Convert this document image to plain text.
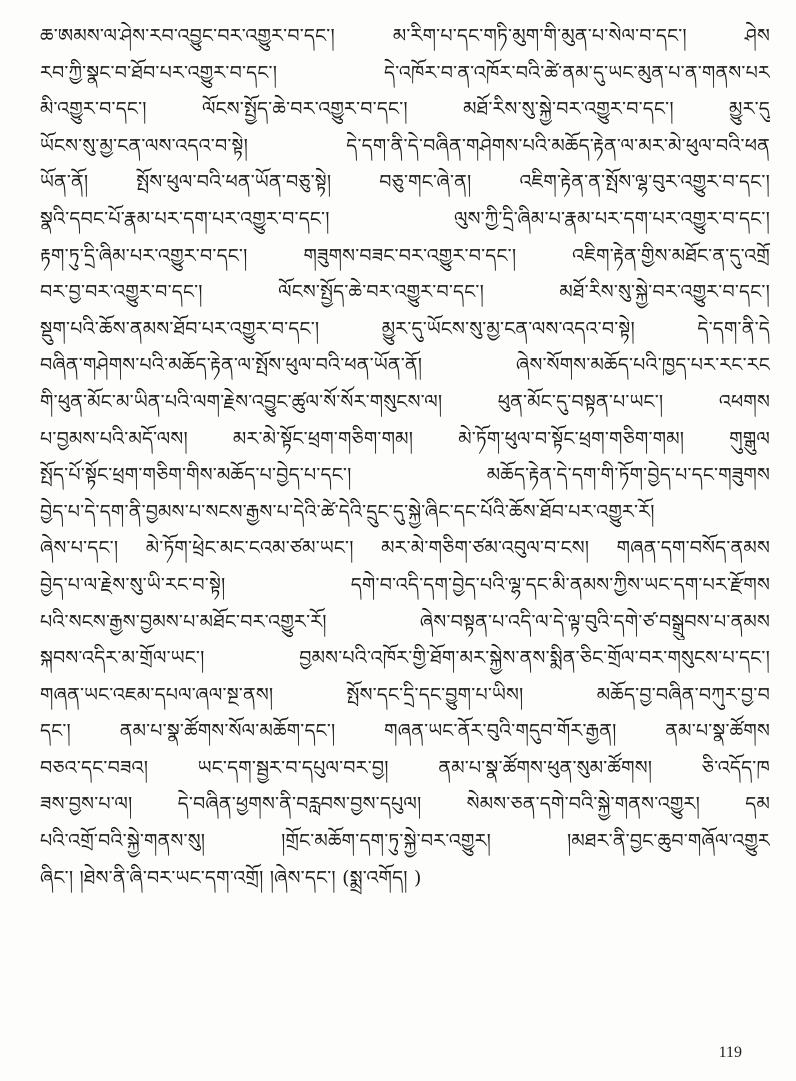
ཆ་ཨམས་ལ་ཤེས་རབ་འབྱུང་བར་འགྱུར་བ་དང་། མ་རིག་པ་དང་གཏི་མུག་གི་མུན་པ་སེལ་བ་དང་། ཤེས
རབ་ཀྱི་སྣང་བ་ཐོབ་པར་འགྱུར་བ་དང་། དེ་འཁོར་བ་ན་འཁོར་བའི་ཚེ་ནམ་དུ་ཡང་མུན་པ་ན་གནས་པར
མི་འགྱུར་བ་དང་། ལོངས་སྤྱོད་ཆེ་བར་འགྱུར་བ་དང་། མཐོ་རིས་སུ་སྐྱེ་བར་འགྱུར་བ་དང་། མྱུར་དུ
ཡོངས་སུ་མྱ་ངན་ལས་འདའ་བ་སྟེ། དེ་དག་ནི་དེ་བཞིན་གཤེགས་པའི་མཆོད་རྟེན་ལ་མར་མེ་ཕུལ་བའི་ཕན
ཡོན་ནོ། སྤོས་ཕུལ་བའི་ཕན་ཡོན་བཅུ་སྟེ། བཅུ་གང་ཞེ་ན། འཇིག་རྟེན་ན་སྤོས་ལྷ་བུར་འགྱུར་བ་དང་།
སྣའི་དབང་པོ་རྣམ་པར་དག་པར་འགྱུར་བ་དང་། ལུས་ཀྱི་དྲི་ཞིམ་པ་རྣམ་པར་དག་པར་འགྱུར་བ་དང་།
རྟག་ཏུ་དྲི་ཞིམ་པར་འགྱུར་བ་དང་། གཟུགས་བཟང་བར་འགྱུར་བ་དང་། འཇིག་རྟེན་གྱིས་མཐོང་ན་དུ་འགྲོ
བར་བྱ་བར་འགྱུར་བ་དང་། ལོངས་སྤྱོད་ཆེ་བར་འགྱུར་བ་དང་། མཐོ་རིས་སུ་སྐྱེ་བར་འགྱུར་བ་དང་།
སྡུག་པའི་ཆོས་ནམས་ཐོབ་པར་འགྱུར་བ་དང་། མྱུར་དུ་ཡོངས་སུ་མྱ་ངན་ལས་འདའ་བ་སྟེ། དེ་དག་ནི་དེ
བཞིན་གཤེགས་པའི་མཆོད་རྟེན་ལ་སྤོས་ཕུལ་བའི་ཕན་ཡོན་ནོ། ཞེས་སོགས་མཆོད་པའི་ཁྱད་པར་རང་རང
གི་ཕུན་མོང་མ་ཡིན་པའི་ལག་རྗེས་འབྱུང་ཚུལ་སོ་སོར་གསུངས་ལ། ཕུན་མོང་དུ་བསྟན་པ་ཡང་། འཕགས
པ་བྱམས་པའི་མདོ་ལས། མར་མེ་སྟོང་ཕྲག་གཅིག་གམ། མེ་ཏོག་ཕུལ་བ་སྟོང་ཕྲག་གཅིག་གམ། གུགྒུལ
སྤོད་པོ་སྟོང་ཕྲག་གཅིག་གིས་མཆོད་པ་བྱེད་པ་དང་། མཆོད་རྟེན་དེ་དག་གི་ཏོག་བྱེད་པ་དང་གཟུགས
བྱེད་པ་དེ་དག་ནི་བྱམས་པ་སངས་རྒྱས་པ་དེའི་ཚེ་དེའི་དྲུང་དུ་སྐྱེ་ཞིང་དང་པོའི་ཆོས་ཐོབ་པར་འགྱུར་རོ།
ཞེས་པ་དང་། མེ་ཏོག་ཕྲེང་མང་ངའམ་ཙམ་ཡང་། མར་མེ་གཅིག་ཙམ་འབུལ་བ་ངས། གཞན་དག་བསོད་ནམས
བྱེད་པ་ལ་རྗེས་སུ་ཡི་རང་བ་སྟེ། དགེ་བ་འདི་དག་བྱེད་པའི་ལྷ་དང་མི་ནམས་ཀྱིས་ཡང་དག་པར་རྫོགས
པའི་སངས་རྒྱས་བྱམས་པ་མཐོང་བར་འགྱུར་རོ། ཞེས་བསྟན་པ་འདི་ལ་དེ་ལྟ་བུའི་དགེ་ཙ་བསྒྲུབས་པ་ནམས
སྐབས་འདིར་མ་གྲོལ་ཡང་། བྱམས་པའི་འཁོར་གྱི་ཐོག་མར་སྐྱེས་ནས་སྨིན་ཅིང་གྲོལ་བར་གསུངས་པ་དང་།
གཞན་ཡང་འཇམ་དཔལ་ཞལ་སྔ་ནས། སྤོས་དང་དྲི་དང་བྱུག་པ་ཡིས། མཆོད་བྱ་བཞིན་བཀུར་བྱ་བ
དང་། ནམ་པ་སྣ་ཚོགས་སོལ་མཆོག་དང་། གཞན་ཡང་ནོར་བུའི་གདུབ་གོར་རྒྱན། ནམ་པ་སྣ་ཚོགས
བཅའ་དང་བཟའ། ཡང་དག་སྦྱར་བ་དཔུལ་བར་བྱ། ནམ་པ་སྣ་ཚོགས་ཕུན་སུམ་ཚོགས། ཅི་འདོད་ཁ
ཟས་བྱས་པ་ལ། དེ་བཞིན་ཕྱགས་ནི་བརླབས་བྱས་དཔུལ། སེམས་ཅན་དགེ་བའི་སྐྱེ་གནས་འགྱུར། དམ
པའི་འགྲོ་བའི་སྐྱེ་གནས་སུ། །གྲོང་མཆོག་དག་ཏུ་སྐྱེ་བར་འགྱུར། །མཐར་ནི་བྱང་ཆུབ་གཞོལ་འགྱུར
ཞིང་། །ཐེས་ནི་ཞི་བར་ཡང་དག་འགྲོ། །ཞེས་དང་། (སྨྲ་འགོད། )
119
